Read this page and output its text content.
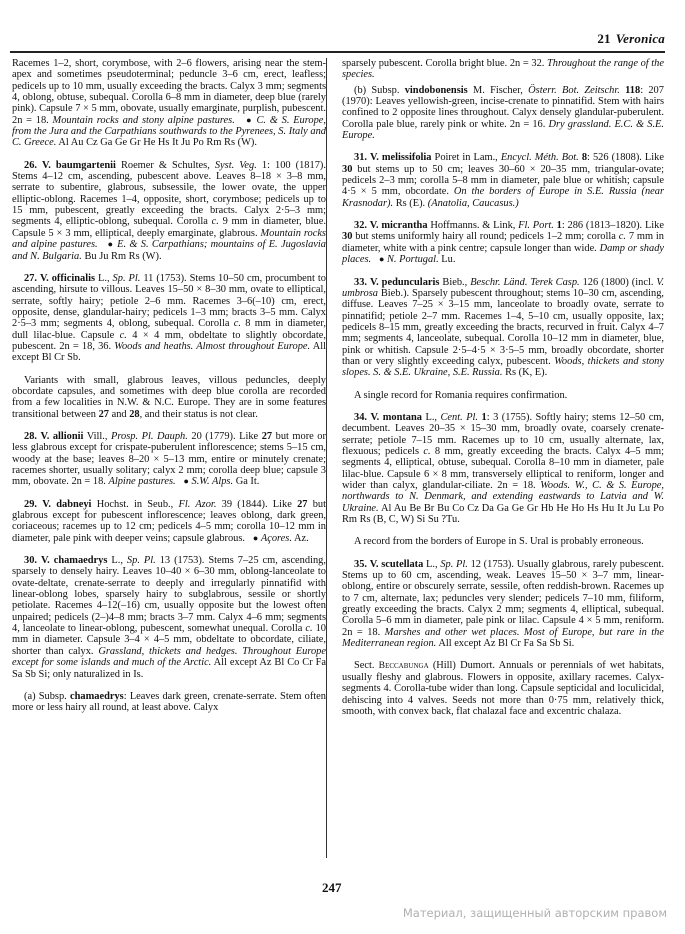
21 Veronica

Racemes 1–2, short, corymbose, with 2–6 flowers, arising near the stem-apex and sometimes pseudoterminal; peduncle 3–6 cm, erect, leafless; pedicels up to 10 mm, usually exceeding the bracts. Calyx 3 mm; segments 4, oblong, obtuse, subequal. Corolla 6–8 mm in diameter, deep blue (rarely pink). Capsule 7 × 5 mm, obovate, usually emarginate, purplish, pubescent. 2n = 18. Mountain rocks and stony alpine pastures. ● C. & S. Europe, from the Jura and the Carpathians southwards to the Pyrenees, S. Italy and C. Greece. Al Au Cz Ga Ge Gr He Hs It Ju Po Rm Rs (W).

26. V. baumgartenii Roemer & Schultes, Syst. Veg. 1: 100 (1817). Stems 4–12 cm, ascending, pubescent above. Leaves 8–18 × 3–8 mm, serrate to subentire, glabrous, subsessile, the lower ovate, the upper elliptic-oblong. Racemes 1–4, opposite, short, corymbose; pedicels up to 15 mm, pubescent, greatly exceeding the bracts. Calyx 2·5–3 mm; segments 4, elliptic-oblong, subequal. Corolla c. 9 mm in diameter, blue. Capsule 5 × 3 mm, elliptical, deeply emarginate, glabrous. Mountain rocks and alpine pastures. ● E. & S. Carpathians; mountains of E. Jugoslavia and N. Bulgaria. Bu Ju Rm Rs (W).

27. V. officinalis L., Sp. Pl. 11 (1753). Stems 10–50 cm, procumbent to ascending, hirsute to villous. Leaves 15–50 × 8–30 mm, ovate to elliptical, serrate, softly hairy; petiole 2–6 mm. Racemes 3–6(–10) cm, erect, opposite, dense, glandular-hairy; pedicels 1–3 mm; bracts 3–5 mm. Calyx 2·5–3 mm; segments 4, oblong, subequal. Corolla c. 8 mm in diameter, dull lilac-blue. Capsule c. 4 × 4 mm, obdeltate to slightly obcordate, pubescent. 2n = 18, 36. Woods and heaths. Almost throughout Europe. All except Bl Cr Sb.

Variants with small, glabrous leaves, villous peduncles, deeply obcordate capsules, and sometimes with deep blue corolla are recorded from a few localities in N.W. & N.C. Europe. They are in some features transitional between 27 and 28, and their status is not clear.

28. V. allionii Vill., Prosp. Pl. Dauph. 20 (1779). Like 27 but more or less glabrous except for crispate-puberulent inflorescence; stems 5–15 cm, woody at the base; leaves 8–20 × 5–13 mm, entire or minutely crenate; racemes shorter, usually solitary; calyx 2 mm; corolla deep blue; capsule 3 mm, obovate. 2n = 18. Alpine pastures. ● S.W. Alps. Ga It.

29. V. dabneyi Hochst. in Seub., Fl. Azor. 39 (1844). Like 27 but glabrous except for pubescent inflorescence; leaves oblong, dark green, coriaceous; racemes up to 12 cm; pedicels 4–5 mm; corolla 10–12 mm in diameter, pale pink with deeper veins; capsule glabrous. ● Açores. Az.

30. V. chamaedrys L., Sp. Pl. 13 (1753). Stems 7–25 cm, ascending, sparsely to densely hairy. Leaves 10–40 × 6–30 mm, oblong-lanceolate to ovate-deltate, crenate-serrate to deeply and irregularly pinnatifid with linear-oblong lobes, sparsely hairy to subglabrous, sessile or shortly petiolate. Racemes 4–12(–16) cm, usually opposite but the lowest often unpaired; pedicels (2–)4–8 mm; bracts 3–7 mm. Calyx 4–6 mm; segments 4, lanceolate to linear-oblong, pubescent, somewhat unequal. Corolla c. 10 mm in diameter. Capsule 3–4 × 4–5 mm, obdeltate to obcordate, ciliate, shorter than calyx. Grassland, thickets and hedges. Throughout Europe except for some islands and much of the Arctic. All except Az Bl Co Cr Fa Sa Sb Si; only naturalized in Is.

(a) Subsp. chamaedrys: Leaves dark green, crenate-serrate. Stem often more or less hairy all round, at least above. Calyx

sparsely pubescent. Corolla bright blue. 2n = 32. Throughout the range of the species.

(b) Subsp. vindobonensis M. Fischer, Österr. Bot. Zeitschr. 118: 207 (1970): Leaves yellowish-green, incise-crenate to pinnatifid. Stem with hairs confined to 2 opposite lines throughout. Calyx densely glandular-puberulent. Corolla pale blue, rarely pink or white. 2n = 16. Dry grassland. E.C. & S.E. Europe.

31. V. melissifolia Poiret in Lam., Encycl. Méth. Bot. 8: 526 (1808). Like 30 but stems up to 50 cm; leaves 30–60 × 20–35 mm, triangular-ovate; pedicels 2–3 mm; corolla 5–8 mm in diameter, pale blue or whitish; capsule 4·5 × 5 mm, obcordate. On the borders of Europe in S.E. Russia (near Krasnodar). Rs (E). (Anatolia, Caucasus.)

32. V. micrantha Hoffmanns. & Link, Fl. Port. 1: 286 (1813–1820). Like 30 but stems uniformly hairy all round; pedicels 1–2 mm; corolla c. 7 mm in diameter, white with a pink centre; capsule longer than wide. Damp or shady places. ● N. Portugal. Lu.

33. V. peduncularis Bieb., Beschr. Länd. Terek Casp. 126 (1800) (incl. V. umbrosa Bieb.). Sparsely pubescent throughout; stems 10–30 cm, ascending, diffuse. Leaves 7–25 × 3–15 mm, lanceolate to broadly ovate, serrate to pinnatifid; petiole 2–7 mm. Racemes 1–4, 5–10 cm, usually opposite, lax; pedicels 8–15 mm, greatly exceeding the bracts, recurved in fruit. Calyx 4–7 mm; segments 4, lanceolate, subequal. Corolla 10–12 mm in diameter, blue, pink or whitish. Capsule 2·5–4·5 × 3·5–5 mm, broadly obcordate, shorter than or very slightly exceeding calyx, pubescent. Woods, thickets and stony slopes. S. & S.E. Ukraine, S.E. Russia. Rs (K, E).

A single record for Romania requires confirmation.

34. V. montana L., Cent. Pl. 1: 3 (1755). Softly hairy; stems 12–50 cm, decumbent. Leaves 20–35 × 15–30 mm, broadly ovate, coarsely crenate-serrate; petiole 7–15 mm. Racemes up to 10 cm, usually alternate, lax, flexuous; pedicels c. 8 mm, greatly exceeding the bracts. Calyx 4–5 mm; segments 4, elliptical, obtuse, subequal. Corolla 8–10 mm in diameter, pale lilac-blue. Capsule 6 × 8 mm, transversely elliptical to reniform, longer and wider than calyx, glandular-ciliate. 2n = 18. Woods. W., C. & S. Europe, northwards to N. Denmark, and extending eastwards to Latvia and W. Ukraine. Al Au Be Br Bu Co Cz Da Ga Ge Gr Hb He Ho Hs Hu It Ju Lu Po Rm Rs (B, C, W) Si Su ?Tu.

A record from the borders of Europe in S. Ural is probably erroneous.

35. V. scutellata L., Sp. Pl. 12 (1753). Usually glabrous, rarely pubescent. Stems up to 60 cm, ascending, weak. Leaves 15–50 × 3–7 mm, linear-oblong, entire or obscurely serrate, sessile, often reddish-brown. Racemes up to 7 cm, alternate, lax; peduncles very slender; pedicels 7–10 mm, filiform, greatly exceeding the bracts. Calyx 2 mm; segments 4, elliptical, subequal. Corolla 5–6 mm in diameter, pale pink or lilac. Capsule 4 × 5 mm, reniform. 2n = 18. Marshes and other wet places. Most of Europe, but rare in the Mediterranean region. All except Az Bl Cr Fa Sa Sb Si.

Sect. Beccabunga (Hill) Dumort. Annuals or perennials of wet habitats, usually fleshy and glabrous. Flowers in opposite, axillary racemes. Calyx-segments 4. Corolla-tube wider than long. Capsule septicidal and loculicidal, dehiscing into 4 valves. Seeds not more than 0·75 mm, relatively thick, smooth, with convex back, flat chalazal face and excentric chalaza.

247
Материал, защищенный авторским правом
